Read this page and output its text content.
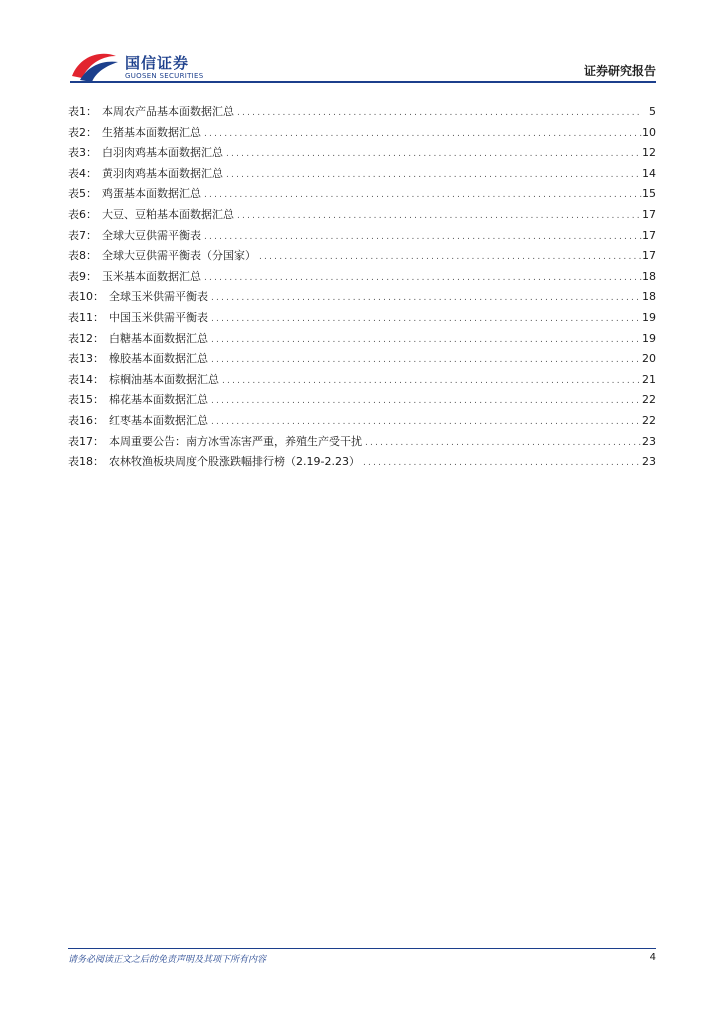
国信证券
GUOSEN SECURITIES	证券研究报告
表1： 本周农产品基本面数据汇总 .....	5
表2： 生猪基本面数据汇总 .....	10
表3： 白羽肉鸡基本面数据汇总 .....	12
表4： 黄羽肉鸡基本面数据汇总 .....	14
表5： 鸡蛋基本面数据汇总 .....	15
表6： 大豆、豆粕基本面数据汇总 .....	17
表7： 全球大豆供需平衡表 .....	17
表8： 全球大豆供需平衡表（分国家） .....	17
表9： 玉米基本面数据汇总 .....	18
表10： 全球玉米供需平衡表 .....	18
表11： 中国玉米供需平衡表 .....	19
表12： 白糖基本面数据汇总 .....	19
表13： 橡胶基本面数据汇总 .....	20
表14： 棕榈油基本面数据汇总 .....	21
表15： 棉花基本面数据汇总 .....	22
表16： 红枣基本面数据汇总 .....	22
表17： 本周重要公告：南方冰雪冻害严重，养殖生产受干扰 .....	23
表18： 农林牧渔板块周度个股涨跌幅排行榜（2.19-2.23） .....	23
请务必阅读正文之后的免责声明及其项下所有内容	4
